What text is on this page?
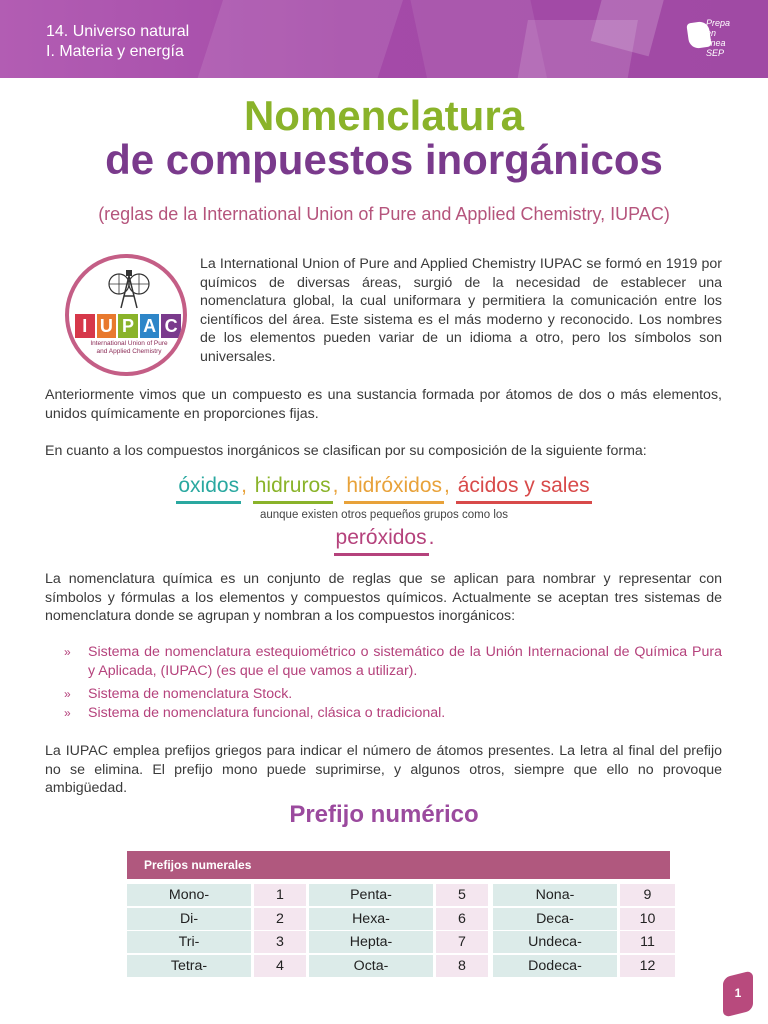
14. Universo natural
I. Materia y energía
Prepa en
línea
SEP
Nomenclatura
de compuestos inorgánicos
(reglas de la International Union of Pure and Applied Chemistry, IUPAC)
I U P A C
International Union of Pure
and Applied Chemistry

La International Union of Pure and Applied Chemistry IUPAC se formó en 1919 por químicos de diversas áreas, surgió de la necesidad de establecer una nomenclatura global, la cual uniformara y permitiera la comunicación entre los científicos del área. Este sistema es el más moderno y reconocido. Los nombres de los elementos pueden variar de un idioma a otro, pero los símbolos son universales.

Anteriormente vimos que un compuesto es una sustancia formada por átomos de dos o más elementos, unidos químicamente en proporciones fijas.

En cuanto a los compuestos inorgánicos se clasifican por su composición de la siguiente forma:

óxidos, hidruros, hidróxidos, ácidos y sales
aunque existen otros pequeños grupos como los
peróxidos.

La nomenclatura química es un conjunto de reglas que se aplican para nombrar y representar con símbolos y fórmulas a los elementos y compuestos químicos. Actualmente se aceptan tres sistemas de nomenclatura donde se agrupan y nombran a los compuestos inorgánicos:

»	Sistema de nomenclatura estequiométrico o sistemático de la Unión Internacional de Química Pura y Aplicada, (IUPAC) (es que el que vamos a utilizar).
»	Sistema de nomenclatura Stock.
»	Sistema de nomenclatura funcional, clásica o tradicional.

La IUPAC emplea prefijos griegos para indicar el número de átomos presentes. La letra al final del prefijo no se elimina. El prefijo mono puede suprimirse, y algunos otros, siempre que ello no provoque ambigüedad.

Prefijo numérico
Prefijos numerales
Mono-	1	Penta-	5	Nona-	9
Di-	2	Hexa-	6	Deca-	10
Tri-	3	Hepta-	7	Undeca-	11
Tetra-	4	Octa-	8	Dodeca-	12
1
